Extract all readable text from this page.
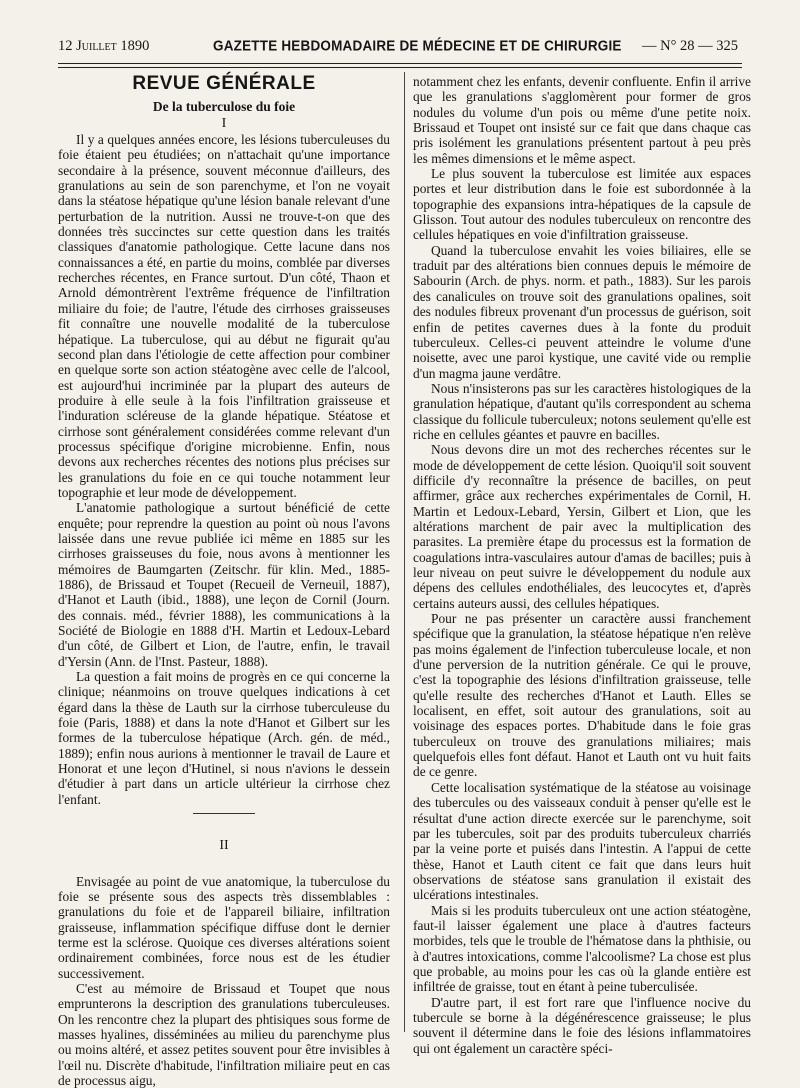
12 Juillet 1890	GAZETTE HEBDOMADAIRE DE MÉDECINE ET DE CHIRURGIE — N° 28 — 325
REVUE GÉNÉRALE
De la tuberculose du foie
I

Il y a quelques années encore, les lésions tuberculeuses du foie étaient peu étudiées; on n'attachait qu'une importance secondaire à la présence, souvent méconnue d'ailleurs, des granulations au sein de son parenchyme, et l'on ne voyait dans la stéatose hépatique qu'une lésion banale relevant d'une perturbation de la nutrition. Aussi ne trouve-t-on que des données très succinctes sur cette question dans les traités classiques d'anatomie pathologique. Cette lacune dans nos connaissances a été, en partie du moins, comblée par diverses recherches récentes, en France surtout. D'un côté, Thaon et Arnold démontrèrent l'extrême fréquence de l'infiltration miliaire du foie; de l'autre, l'étude des cirrhoses graisseuses fit connaître une nouvelle modalité de la tuberculose hépatique. La tuberculose, qui au début ne figurait qu'au second plan dans l'étiologie de cette affection pour combiner en quelque sorte son action stéatogène avec celle de l'alcool, est aujourd'hui incriminée par la plupart des auteurs de produire à elle seule à la fois l'infiltration graisseuse et l'induration scléreuse de la glande hépatique. Stéatose et cirrhose sont généralement considérées comme relevant d'un processus spécifique d'origine microbienne. Enfin, nous devons aux recherches récentes des notions plus précises sur les granulations du foie en ce qui touche notamment leur topographie et leur mode de développement.

L'anatomie pathologique a surtout bénéficié de cette enquête; pour reprendre la question au point où nous l'avons laissée dans une revue publiée ici même en 1885 sur les cirrhoses graisseuses du foie, nous avons à mentionner les mémoires de Baumgarten (Zeitschr. für klin. Med., 1885-1886), de Brissaud et Toupet (Recueil de Verneuil, 1887), d'Hanot et Lauth (ibid., 1888), une leçon de Cornil (Journ. des connais. méd., février 1888), les communications à la Société de Biologie en 1888 d'H. Martin et Ledoux-Lebard d'un côté, de Gilbert et Lion, de l'autre, enfin, le travail d'Yersin (Ann. de l'Inst. Pasteur, 1888).

La question a fait moins de progrès en ce qui concerne la clinique; néanmoins on trouve quelques indications à cet égard dans la thèse de Lauth sur la cirrhose tuberculeuse du foie (Paris, 1888) et dans la note d'Hanot et Gilbert sur les formes de la tuberculose hépatique (Arch. gén. de méd., 1889); enfin nous aurions à mentionner le travail de Laure et Honorat et une leçon d'Hutinel, si nous n'avions le dessein d'étudier à part dans un article ultérieur la cirrhose chez l'enfant.

II

Envisagée au point de vue anatomique, la tuberculose du foie se présente sous des aspects très dissemblables : granulations du foie et de l'appareil biliaire, infiltration graisseuse, inflammation spécifique diffuse dont le dernier terme est la sclérose. Quoique ces diverses altérations soient ordinairement combinées, force nous est de les étudier successivement.

C'est au mémoire de Brissaud et Toupet que nous emprunterons la description des granulations tuberculeuses. On les rencontre chez la plupart des phtisiques sous forme de masses hyalines, disséminées au milieu du parenchyme plus ou moins altéré, et assez petites souvent pour être invisibles à l'œil nu. Discrète d'habitude, l'infiltration miliaire peut en cas de processus aigu,

notamment chez les enfants, devenir confluente. Enfin il arrive que les granulations s'agglomèrent pour former de gros nodules du volume d'un pois ou même d'une petite noix. Brissaud et Toupet ont insisté sur ce fait que dans chaque cas pris isolément les granulations présentent partout à peu près les mêmes dimensions et le même aspect.

Le plus souvent la tuberculose est limitée aux espaces portes et leur distribution dans le foie est subordonnée à la topographie des expansions intra-hépatiques de la capsule de Glisson. Tout autour des nodules tuberculeux on rencontre des cellules hépatiques en voie d'infiltration graisseuse.

Quand la tuberculose envahit les voies biliaires, elle se traduit par des altérations bien connues depuis le mémoire de Sabourin (Arch. de phys. norm. et path., 1883). Sur les parois des canalicules on trouve soit des granulations opalines, soit des nodules fibreux provenant d'un processus de guérison, soit enfin de petites cavernes dues à la fonte du produit tuberculeux. Celles-ci peuvent atteindre le volume d'une noisette, avec une paroi kystique, une cavité vide ou remplie d'un magma jaune verdâtre.

Nous n'insisterons pas sur les caractères histologiques de la granulation hépatique, d'autant qu'ils correspondent au schema classique du follicule tuberculeux; notons seulement qu'elle est riche en cellules géantes et pauvre en bacilles.

Nous devons dire un mot des recherches récentes sur le mode de développement de cette lésion. Quoiqu'il soit souvent difficile d'y reconnaître la présence de bacilles, on peut affirmer, grâce aux recherches expérimentales de Cornil, H. Martin et Ledoux-Lebard, Yersin, Gilbert et Lion, que les altérations marchent de pair avec la multiplication des parasites. La première étape du processus est la formation de coagulations intra-vasculaires autour d'amas de bacilles; puis à leur niveau on peut suivre le développement du nodule aux dépens des cellules endothéliales, des leucocytes et, d'après certains auteurs aussi, des cellules hépatiques.

Pour ne pas présenter un caractère aussi franchement spécifique que la granulation, la stéatose hépatique n'en relève pas moins également de l'infection tuberculeuse locale, et non d'une perversion de la nutrition générale. Ce qui le prouve, c'est la topographie des lésions d'infiltration graisseuse, telle qu'elle resulte des recherches d'Hanot et Lauth. Elles se localisent, en effet, soit autour des granulations, soit au voisinage des espaces portes. D'habitude dans le foie gras tuberculeux on trouve des granulations miliaires; mais quelquefois elles font défaut. Hanot et Lauth ont vu huit faits de ce genre.

Cette localisation systématique de la stéatose au voisinage des tubercules ou des vaisseaux conduit à penser qu'elle est le résultat d'une action directe exercée sur le parenchyme, soit par les tubercules, soit par des produits tuberculeux charriés par la veine porte et puisés dans l'intestin. A l'appui de cette thèse, Hanot et Lauth citent ce fait que dans leurs huit observations de stéatose sans granulation il existait des ulcérations intestinales.

Mais si les produits tuberculeux ont une action stéatogène, faut-il laisser également une place à d'autres facteurs morbides, tels que le trouble de l'hématose dans la phthisie, ou à d'autres intoxications, comme l'alcoolisme? La chose est plus que probable, au moins pour les cas où la glande entière est infiltrée de graisse, tout en étant à peine tuberculisée.

D'autre part, il est fort rare que l'influence nocive du tubercule se borne à la dégénérescence graisseuse; le plus souvent il détermine dans le foie des lésions inflammatoires qui ont également un caractère spéci-
